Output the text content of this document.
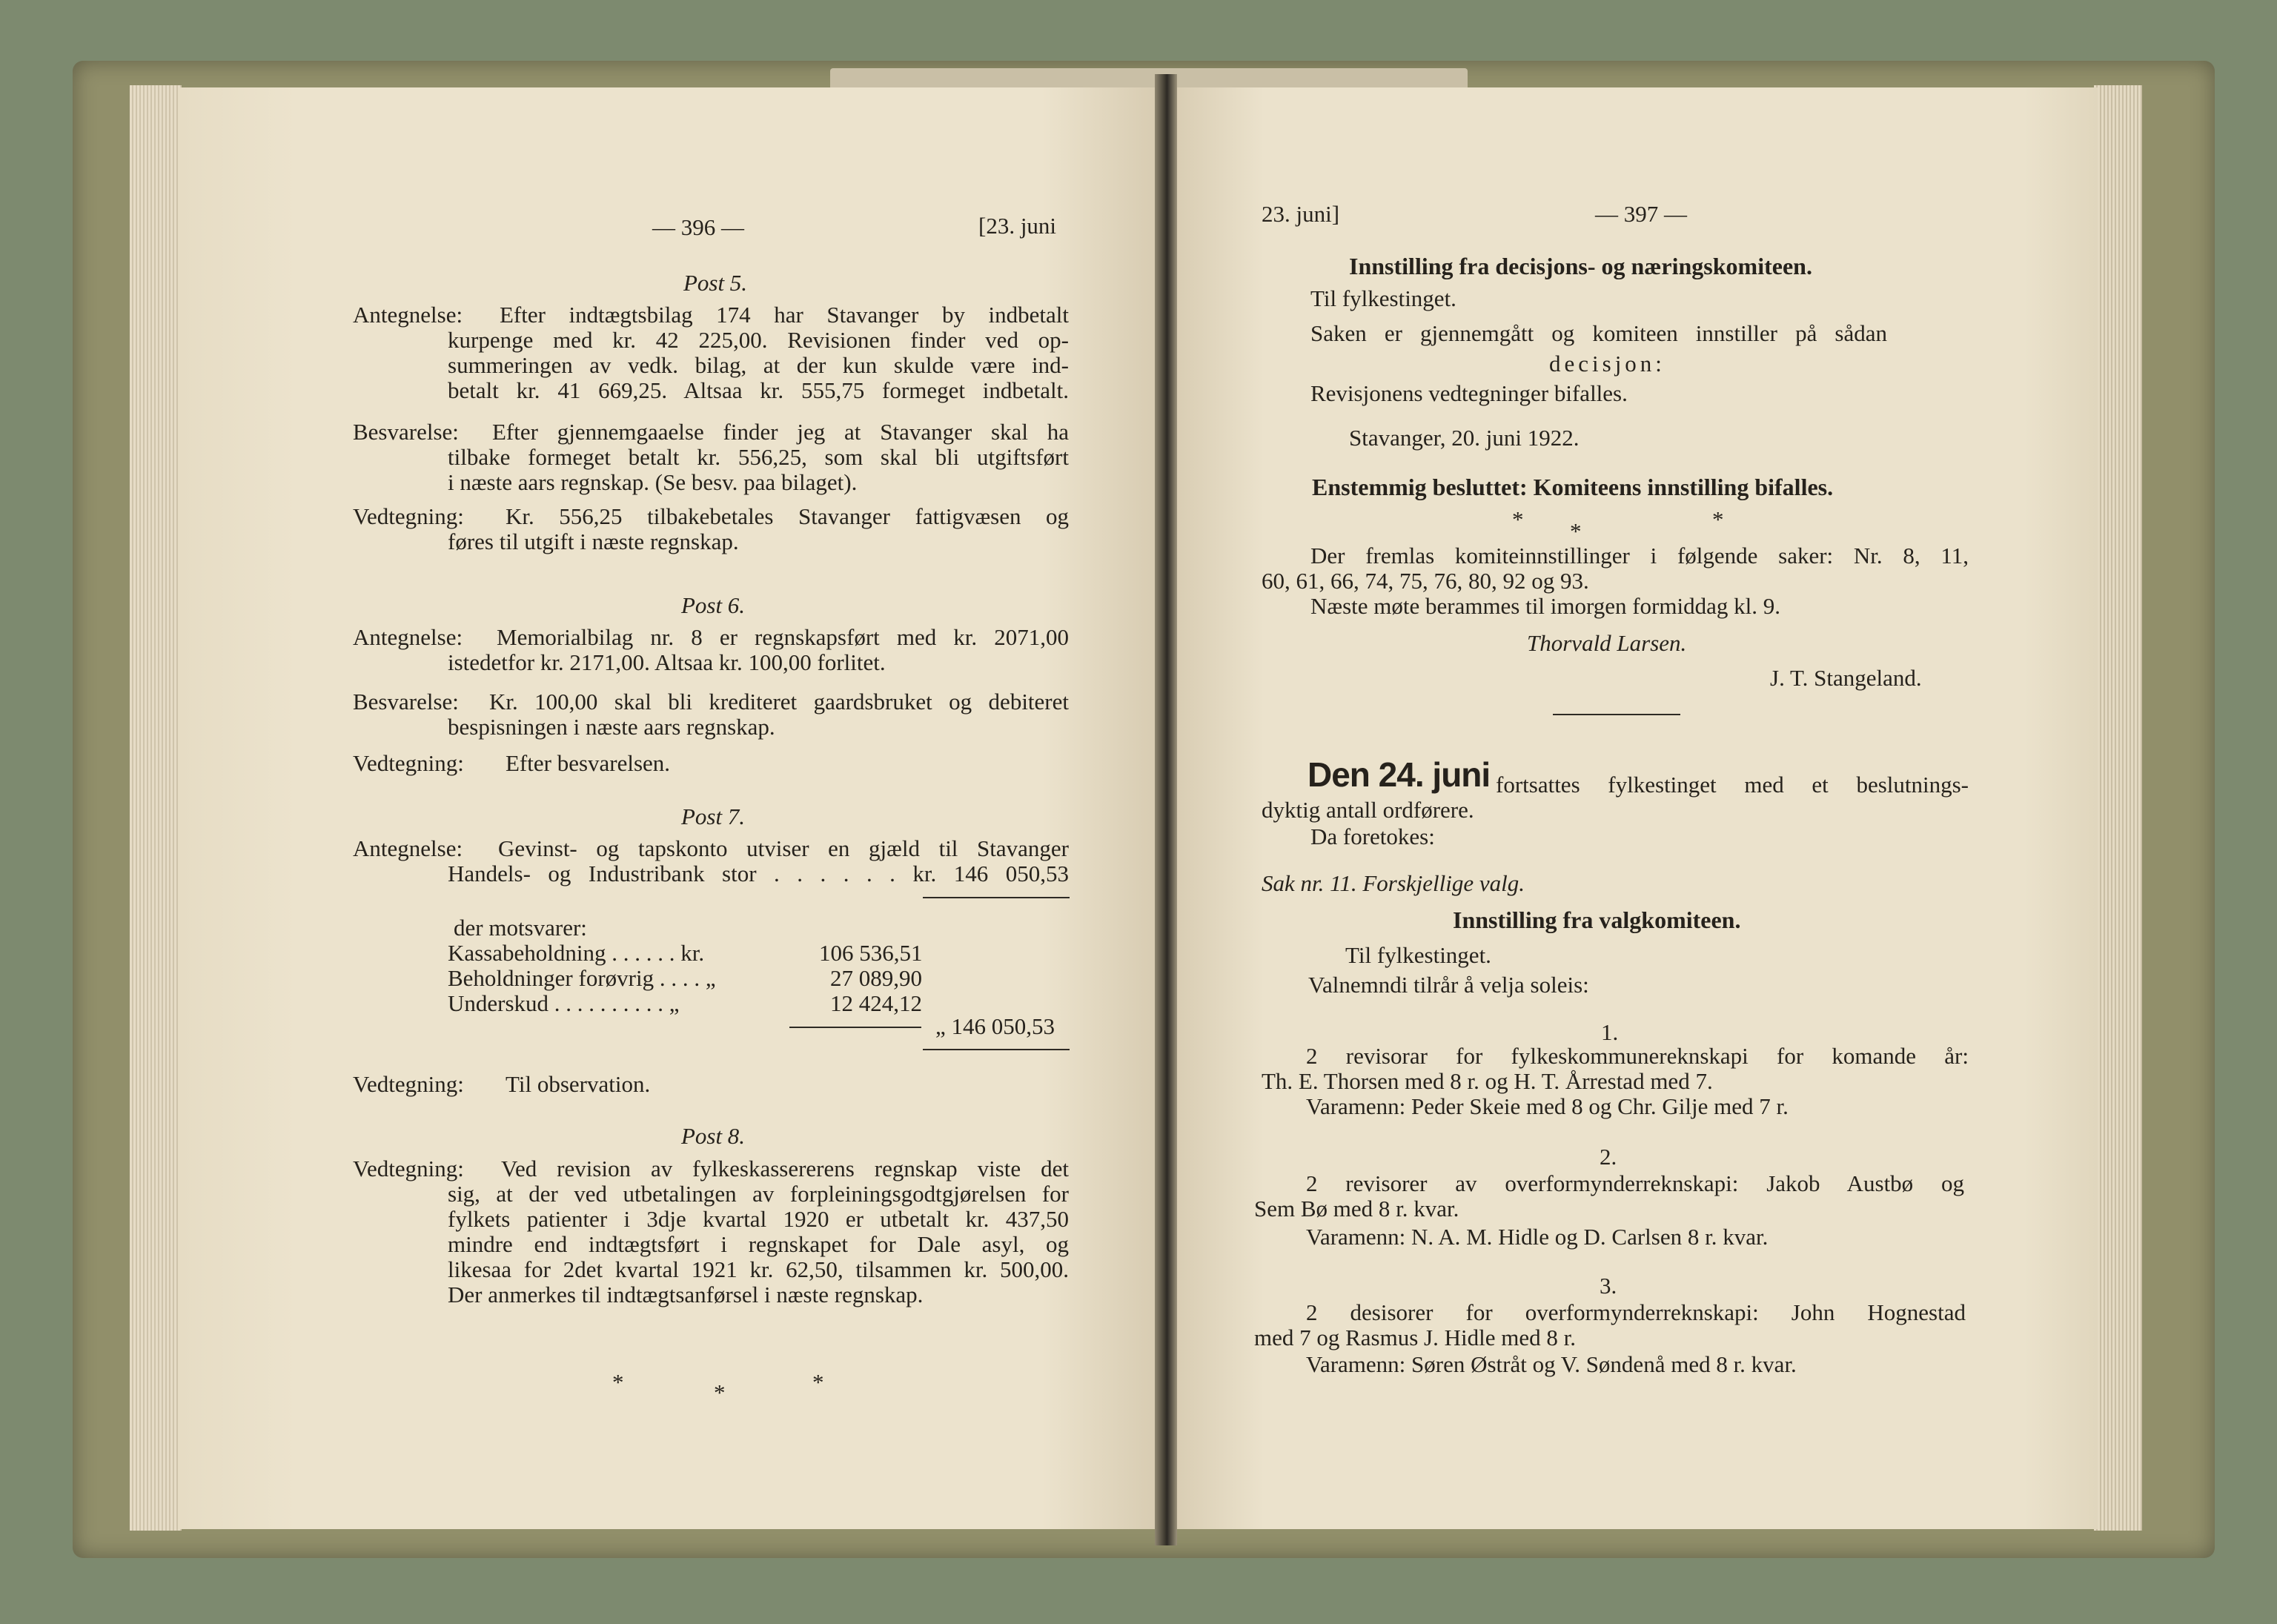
— 396 —	[23. juni
Post 5.
Antegnelse: Efter indtægtsbilag 174 har Stavanger by indbetalt
kurpenge med kr. 42 225,00. Revisionen finder ved op-
summeringen av vedk. bilag, at der kun skulde være ind-
betalt kr. 41 669,25. Altsaa kr. 555,75 formeget indbetalt.
Besvarelse: Efter gjennemgaaelse finder jeg at Stavanger skal ha
tilbake formeget betalt kr. 556,25, som skal bli utgiftsført
i næste aars regnskap. (Se besv. paa bilaget).
Vedtegning: Kr. 556,25 tilbakebetales Stavanger fattigvæsen og
føres til utgift i næste regnskap.
Post 6.
Antegnelse: Memorialbilag nr. 8 er regnskapsført med kr. 2071,00
istedetfor kr. 2171,00. Altsaa kr. 100,00 forlitet.
Besvarelse: Kr. 100,00 skal bli krediteret gaardsbruket og debiteret
bespisningen i næste aars regnskap.
Vedtegning: Efter besvarelsen.
Post 7.
Antegnelse: Gevinst- og tapskonto utviser en gjæld til Stavanger
Handels- og Industribank stor . . . . . . kr. 146 050,53
der motsvarer:
Kassabeholdning . . . . . . kr.	106 536,51
Beholdninger forøvrig . . . . „	27 089,90
Underskud . . . . . . . . . . „	12 424,12
„ 146 050,53
Vedtegning: Til observation.
Post 8.
Vedtegning: Ved revision av fylkeskassererens regnskap viste det
sig, at der ved utbetalingen av forpleiningsgodtgjørelsen for
fylkets patienter i 3dje kvartal 1920 er utbetalt kr. 437,50
mindre end indtægtsført i regnskapet for Dale asyl, og
likesaa for 2det kvartal 1921 kr. 62,50, tilsammen kr. 500,00.
Der anmerkes til indtægtsanførsel i næste regnskap.
*	*	*
23. juni]	— 397 —
Innstilling fra decisjons- og næringskomiteen.
Til fylkestinget.
Saken er gjennemgått og komiteen innstiller på sådan
decisjon:
Revisjonens vedtegninger bifalles.
Stavanger, 20. juni 1922.
Enstemmig besluttet: Komiteens innstilling bifalles.
* *	*
Der fremlas komiteinnstillinger i følgende saker: Nr. 8, 11,
60, 61, 66, 74, 75, 76, 80, 92 og 93.
Næste møte berammes til imorgen formiddag kl. 9.
Thorvald Larsen.
J. T. Stangeland.
Den 24. juni fortsattes fylkestinget med et beslutnings-
dyktig antall ordførere.
Da foretokes:
Sak nr. 11. Forskjellige valg.
Innstilling fra valgkomiteen.
Til fylkestinget.
Valnemndi tilrår å velja soleis:
1.
2 revisorar for fylkeskommunereknskapi for komande år:
Th. E. Thorsen med 8 r. og H. T. Årrestad med 7.
Varamenn: Peder Skeie med 8 og Chr. Gilje med 7 r.
2.
2 revisorer av overformynderreknskapi: Jakob Austbø og
Sem Bø med 8 r. kvar.
Varamenn: N. A. M. Hidle og D. Carlsen 8 r. kvar.
3.
2 desisorer for overformynderreknskapi: John Hognestad
med 7 og Rasmus J. Hidle med 8 r.
Varamenn: Søren Østråt og V. Søndenå med 8 r. kvar.
